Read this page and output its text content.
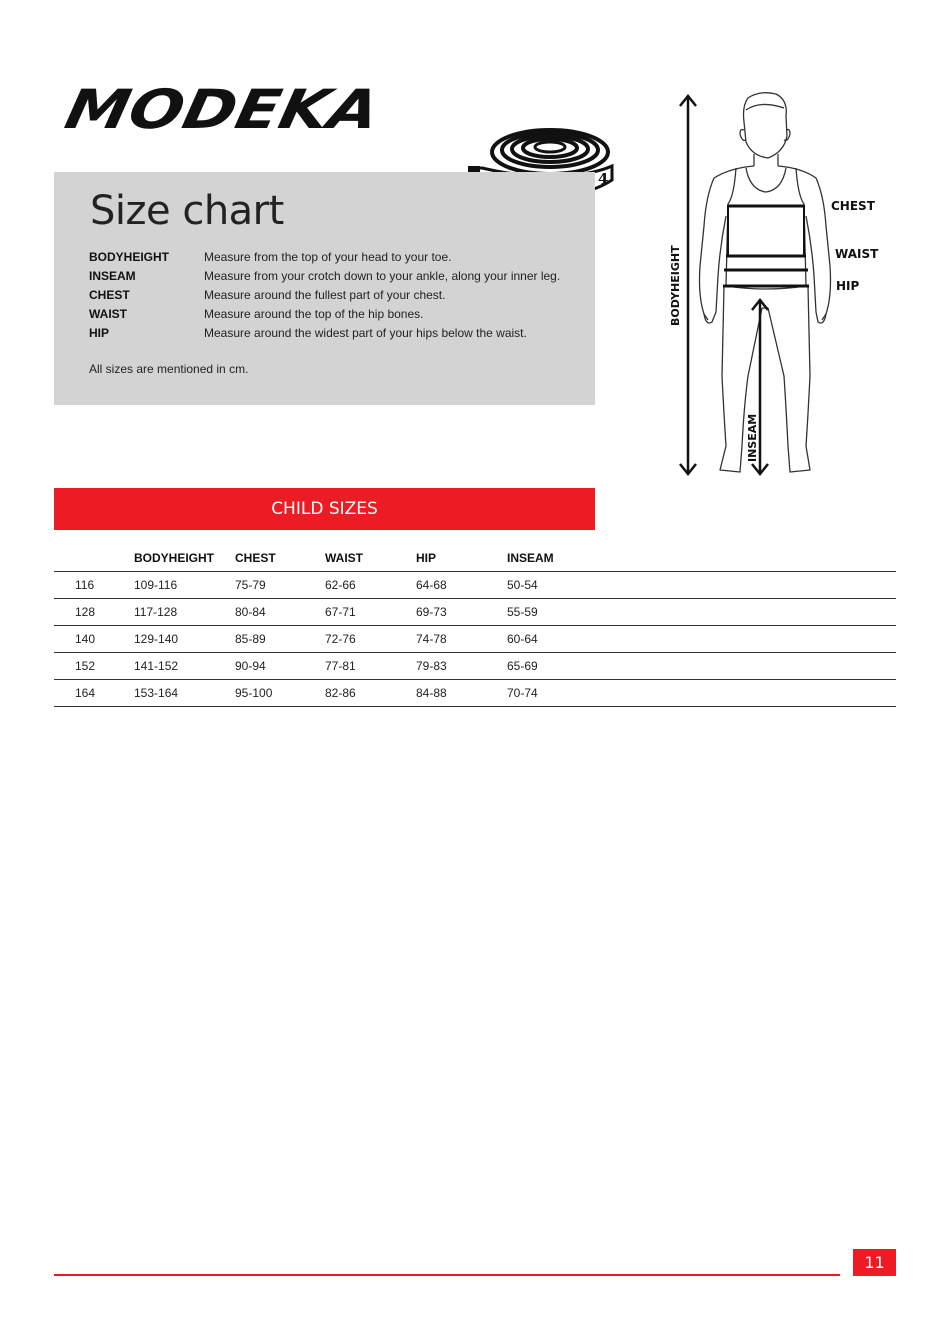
MODEKA
4
Size chart
BODYHEIGHT	Measure from the top of your head to your toe.
INSEAM	Measure from your crotch down to your ankle, along your inner leg.
CHEST	Measure around the fullest part of your chest.
WAIST	Measure around the top of the hip bones.
HIP	Measure around the widest part of your hips below the waist.
All sizes are mentioned in cm.
CHEST
WAIST
HIP
BODYHEIGHT
INSEAM
CHILD SIZES
	BODYHEIGHT	CHEST	WAIST	HIP	INSEAM
116	109-116	75-79	62-66	64-68	50-54
128	117-128	80-84	67-71	69-73	55-59
140	129-140	85-89	72-76	74-78	60-64
152	141-152	90-94	77-81	79-83	65-69
164	153-164	95-100	82-86	84-88	70-74
11
